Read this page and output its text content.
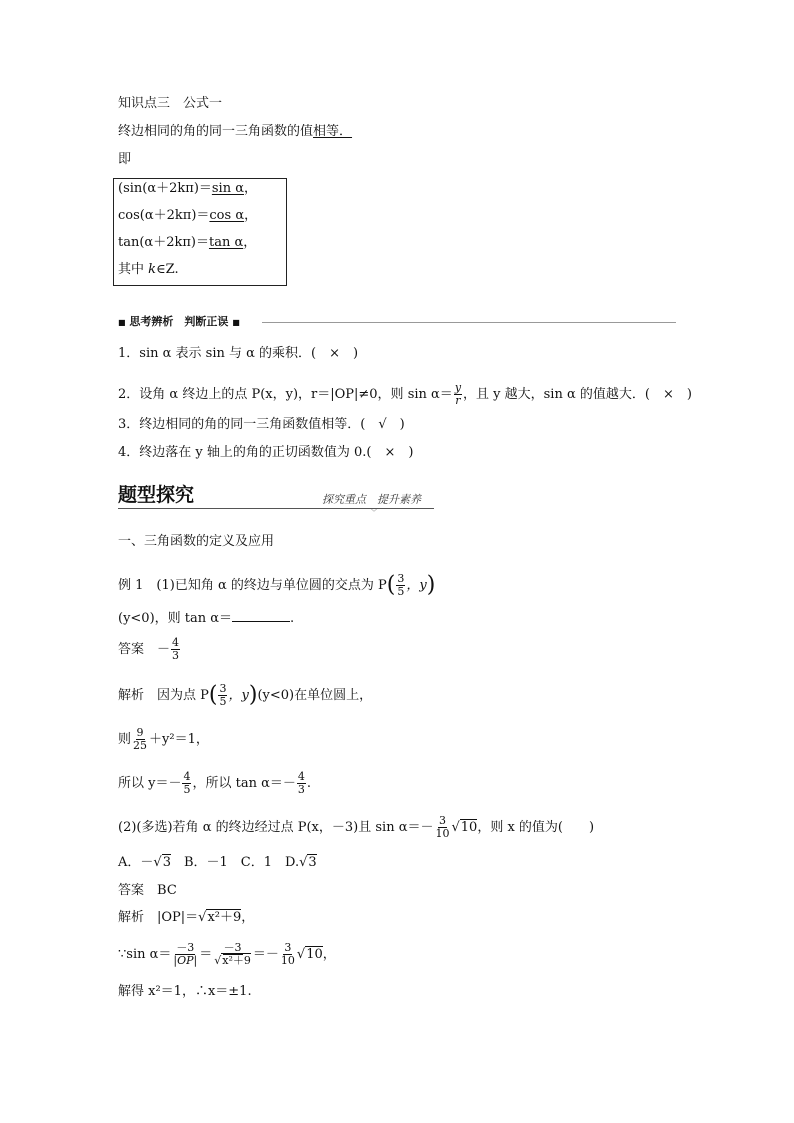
知识点三　公式一
终边相同的角的同一三角函数的值相等．
即
(sin(α＋2kπ)＝sin α，
cos(α＋2kπ)＝cos α，
tan(α＋2kπ)＝tan α，
其中 k∈Z.
■ 思考辨析　判断正误 ■
1．sin α 表示 sin 与 α 的乘积．(　×　)
2．设角 α 终边上的点 P(x，y)，r＝|OP|≠0，则 $\sin \alpha= \frac{y}{r}$ ，且 y 越大，sin α 的值越大．(　×　)
3．终边相同的角的同一三角函数值相等．(　√　)
4．终边落在 y 轴上的角的正切函数值为 0.(　×　)
题型探究	探究重点　提升素养
﹀
一、三角函数的定义及应用
例 1　(1)已知角 α 的终边与单位圆的交点为 $P( \frac{3}{5}$ ，y)
(y<0)，则 tan α＝	.
答案　 － $\frac{4}{3}$
解析　因为点 $P( \frac{3}{5}$ ，y)(y<0)在单位圆上，
则 $\frac{9}{25} +y^2=1$，
所以 $y=- \frac{4}{5}$ ，所以 $\tan \alpha=- \frac{4}{3}$ .
(2)(多选)若角 α 的终边经过点 P(x，－3)且 $\sin \alpha=- \frac{3}{10} √10$，则 x 的值为(　　)
A．－√3　B．－1　C．1　D.√3
答案　 BC
解析　|OP|＝√x²＋9，
∵sin $\alpha= \frac{-3}{|OP|} = \frac{-3}{\text{√x²＋9}} =- \frac{3}{10} √10$，
解得 x²＝1，∴x＝±1.
